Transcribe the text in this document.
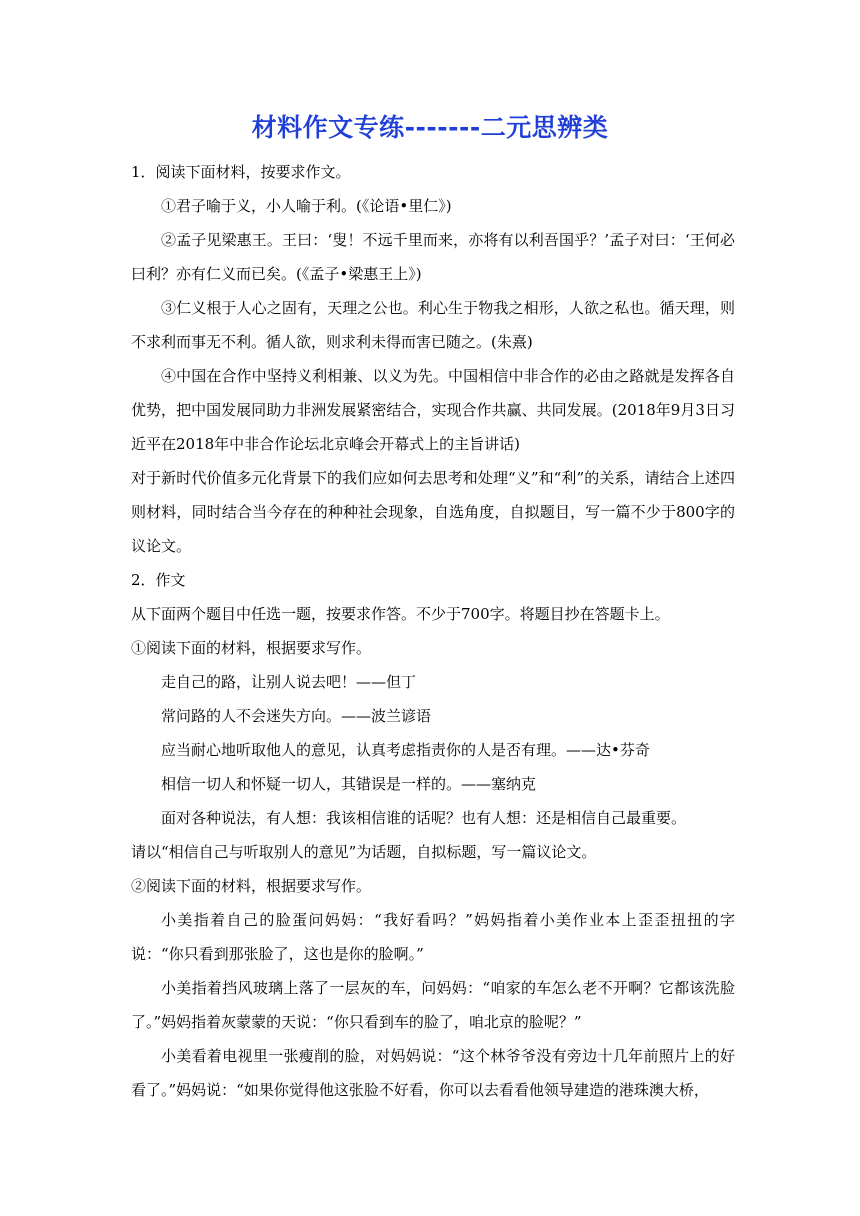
材料作文专练-------二元思辨类

1．阅读下面材料，按要求作文。

①君子喻于义，小人喻于利。(《论语•里仁》)

②孟子见梁惠王。王曰：‘叟！不远千里而来，亦将有以利吾国乎？’孟子对曰：‘王何必曰利？亦有仁义而已矣。(《孟子•梁惠王上》)

③仁义根于人心之固有，天理之公也。利心生于物我之相形，人欲之私也。循天理，则不求利而事无不利。循人欲，则求利未得而害已随之。(朱熹)

④中国在合作中坚持义利相兼、以义为先。中国相信中非合作的必由之路就是发挥各自优势，把中国发展同助力非洲发展紧密结合，实现合作共赢、共同发展。(2018年9月3日习近平在2018年中非合作论坛北京峰会开幕式上的主旨讲话)

对于新时代价值多元化背景下的我们应如何去思考和处理“义”和“利”的关系，请结合上述四则材料，同时结合当今存在的种种社会现象，自选角度，自拟题目，写一篇不少于800字的议论文。

2．作文

从下面两个题目中任选一题，按要求作答。不少于700字。将题目抄在答题卡上。

①阅读下面的材料，根据要求写作。

走自己的路，让别人说去吧！——但丁

常问路的人不会迷失方向。——波兰谚语

应当耐心地听取他人的意见，认真考虑指责你的人是否有理。——达•芬奇

相信一切人和怀疑一切人，其错误是一样的。——塞纳克

面对各种说法，有人想：我该相信谁的话呢？也有人想：还是相信自己最重要。

请以“相信自己与听取别人的意见”为话题，自拟标题，写一篇议论文。

②阅读下面的材料，根据要求写作。

小美指着自己的脸蛋问妈妈：“我好看吗？”妈妈指着小美作业本上歪歪扭扭的字说：“你只看到那张脸了，这也是你的脸啊。”

小美指着挡风玻璃上落了一层灰的车，问妈妈：“咱家的车怎么老不开啊？它都该洗脸了。”妈妈指着灰蒙蒙的天说：“你只看到车的脸了，咱北京的脸呢？”

小美看着电视里一张瘦削的脸，对妈妈说：“这个林爷爷没有旁边十几年前照片上的好看了。”妈妈说：“如果你觉得他这张脸不好看，你可以去看看他领导建造的港珠澳大桥，
